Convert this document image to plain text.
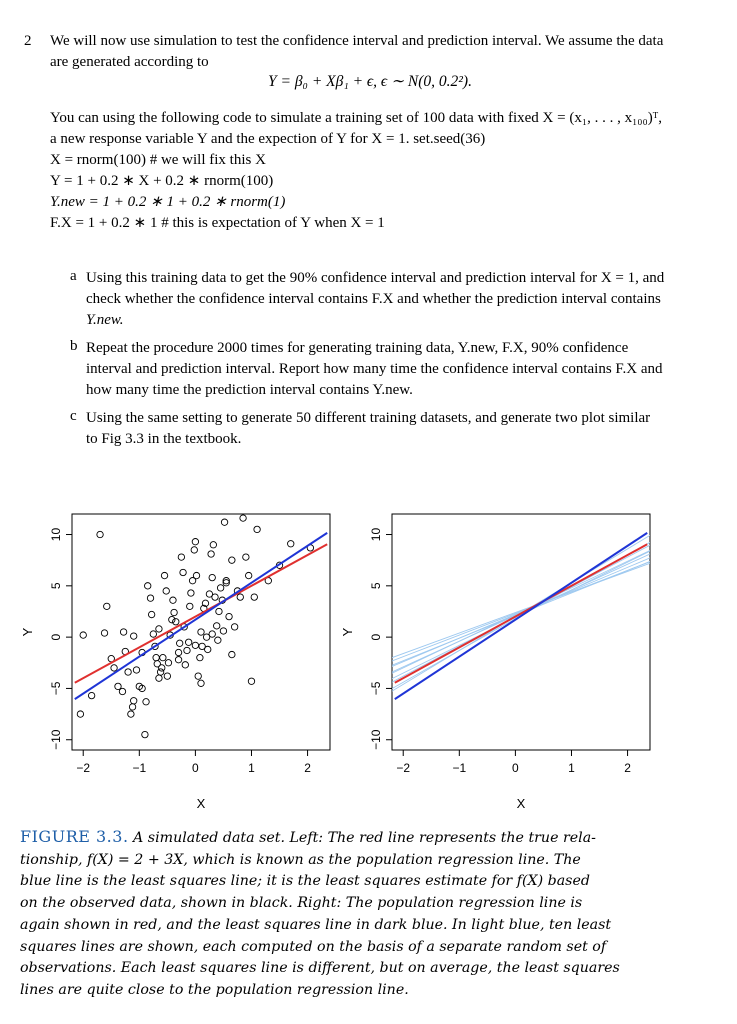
2 We will now use simulation to test the confidence interval and prediction interval. We assume the data
are generated according to
Y = β₀ + Xβ₁ + ϵ, ϵ ∼ N(0, 0.2²).
You can using the following code to simulate a training set of 100 data with fixed X = (x₁, . . . , x₁₀₀)ᵀ,
a new response variable Y and the expection of Y for X = 1. set.seed(36)
X = rnorm(100) # we will fix this X
Y = 1 + 0.2 ∗ X + 0.2 ∗ rnorm(100)
Y.new = 1 + 0.2 ∗ 1 + 0.2 ∗ rnorm(1)
F.X = 1 + 0.2 ∗ 1 # this is expectation of Y when X = 1
a Using this training data to get the 90% confidence interval and prediction interval for X = 1, and
check whether the confidence interval contains F.X and whether the prediction interval contains
Y.new.
b Repeat the procedure 2000 times for generating training data, Y.new, F.X, 90% confidence
interval and prediction interval. Report how many time the confidence interval contains F.X and
how many time the prediction interval contains Y.new.
c Using the same setting to generate 50 different training datasets, and generate two plot similar
to Fig 3.3 in the textbook.
−2	−1	0	1	2
−10
−5
0
5
10
X
Y
−2	−1	0	1	2
−10
−5
0
5
10
X
Y
FIGURE 3.3. A simulated data set. Left: The red line represents the true rela-
tionship, f(X) = 2 + 3X, which is known as the population regression line. The
blue line is the least squares line; it is the least squares estimate for f(X) based
on the observed data, shown in black. Right: The population regression line is
again shown in red, and the least squares line in dark blue. In light blue, ten least
squares lines are shown, each computed on the basis of a separate random set of
observations. Each least squares line is different, but on average, the least squares
lines are quite close to the population regression line.
